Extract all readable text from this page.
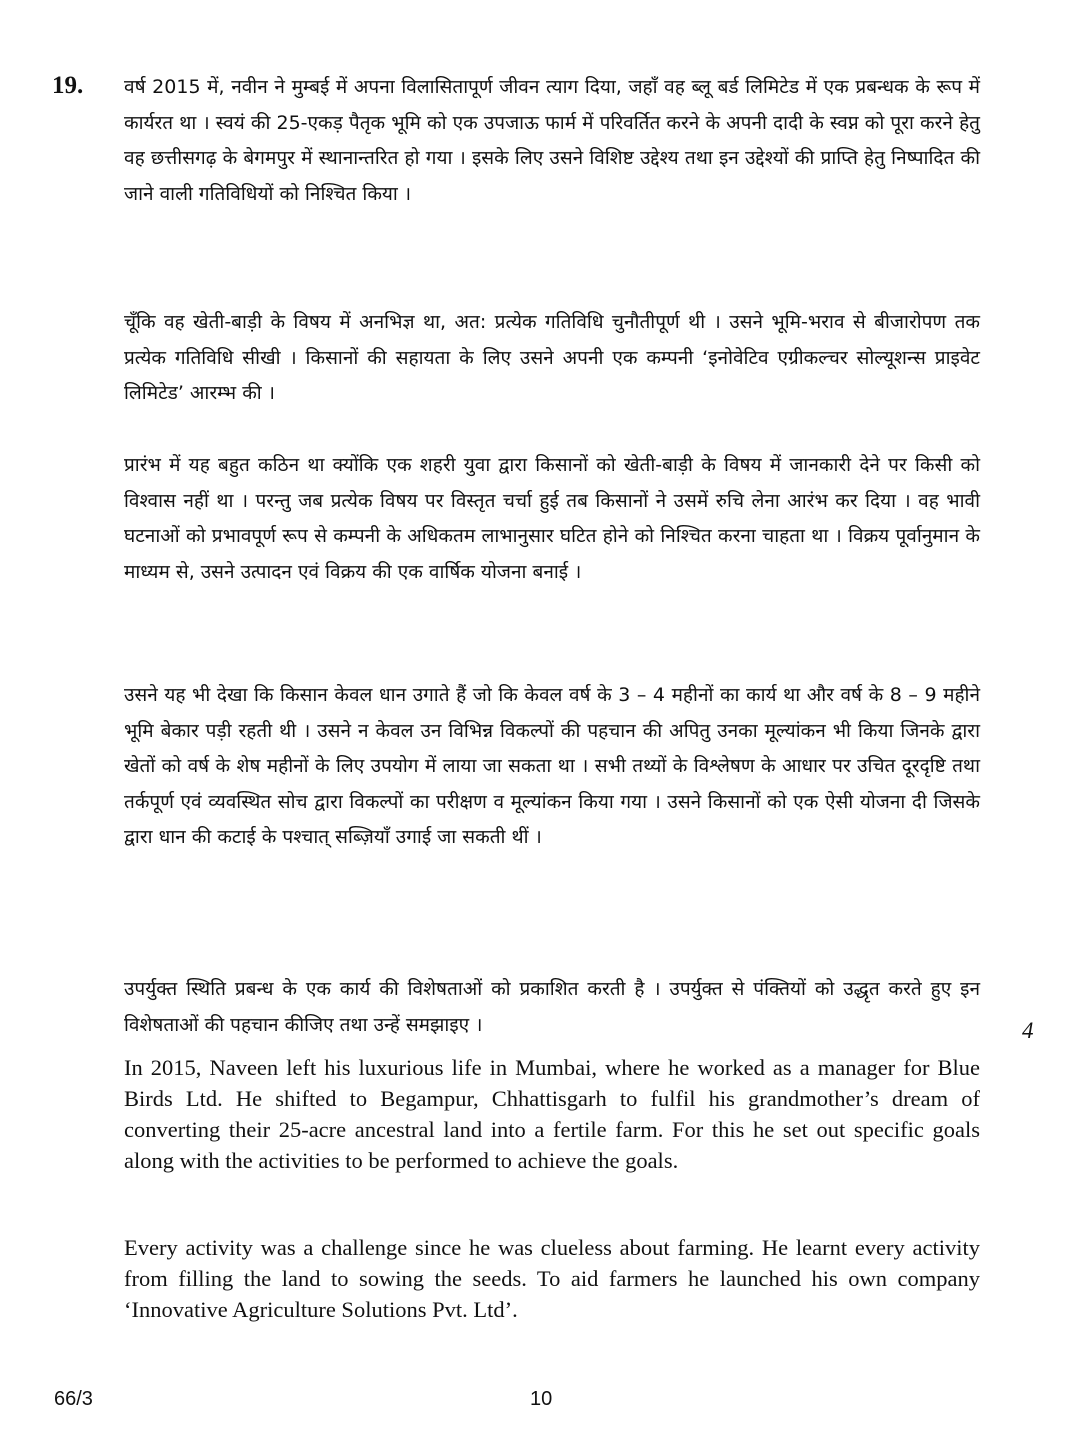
19. वर्ष 2015 में, नवीन ने मुम्बई में अपना विलासितापूर्ण जीवन त्याग दिया, जहाँ वह ब्लू बर्ड लिमिटेड में एक प्रबन्धक के रूप में कार्यरत था । स्वयं की 25-एकड़ पैतृक भूमि को एक उपजाऊ फार्म में परिवर्तित करने के अपनी दादी के स्वप्न को पूरा करने हेतु वह छत्तीसगढ़ के बेगमपुर में स्थानान्तरित हो गया । इसके लिए उसने विशिष्ट उद्देश्य तथा इन उद्देश्यों की प्राप्ति हेतु निष्पादित की जाने वाली गतिविधियों को निश्चित किया ।

चूँकि वह खेती-बाड़ी के विषय में अनभिज्ञ था, अत: प्रत्येक गतिविधि चुनौतीपूर्ण थी । उसने भूमि-भराव से बीजारोपण तक प्रत्येक गतिविधि सीखी । किसानों की सहायता के लिए उसने अपनी एक कम्पनी ‘इनोवेटिव एग्रीकल्चर सोल्यूशन्स प्राइवेट लिमिटेड’ आरम्भ की ।

प्रारंभ में यह बहुत कठिन था क्योंकि एक शहरी युवा द्वारा किसानों को खेती-बाड़ी के विषय में जानकारी देने पर किसी को विश्वास नहीं था । परन्तु जब प्रत्येक विषय पर विस्तृत चर्चा हुई तब किसानों ने उसमें रुचि लेना आरंभ कर दिया । वह भावी घटनाओं को प्रभावपूर्ण रूप से कम्पनी के अधिकतम लाभानुसार घटित होने को निश्चित करना चाहता था । विक्रय पूर्वानुमान के माध्यम से, उसने उत्पादन एवं विक्रय की एक वार्षिक योजना बनाई ।

उसने यह भी देखा कि किसान केवल धान उगाते हैं जो कि केवल वर्ष के 3 – 4 महीनों का कार्य था और वर्ष के 8 – 9 महीने भूमि बेकार पड़ी रहती थी । उसने न केवल उन विभिन्न विकल्पों की पहचान की अपितु उनका मूल्यांकन भी किया जिनके द्वारा खेतों को वर्ष के शेष महीनों के लिए उपयोग में लाया जा सकता था । सभी तथ्यों के विश्लेषण के आधार पर उचित दूरदृष्टि तथा तर्कपूर्ण एवं व्यवस्थित सोच द्वारा विकल्पों का परीक्षण व मूल्यांकन किया गया । उसने किसानों को एक ऐसी योजना दी जिसके द्वारा धान की कटाई के पश्चात् सब्ज़ियाँ उगाई जा सकती थीं ।

उपर्युक्त स्थिति प्रबन्ध के एक कार्य की विशेषताओं को प्रकाशित करती है । उपर्युक्त से पंक्तियों को उद्धृत करते हुए इन विशेषताओं की पहचान कीजिए तथा उन्हें समझाइए ।	4

In 2015, Naveen left his luxurious life in Mumbai, where he worked as a manager for Blue Birds Ltd. He shifted to Begampur, Chhattisgarh to fulfil his grandmother’s dream of converting their 25-acre ancestral land into a fertile farm. For this he set out specific goals along with the activities to be performed to achieve the goals.

Every activity was a challenge since he was clueless about farming. He learnt every activity from filling the land to sowing the seeds. To aid farmers he launched his own company ‘Innovative Agriculture Solutions Pvt. Ltd’.

66/3	10
